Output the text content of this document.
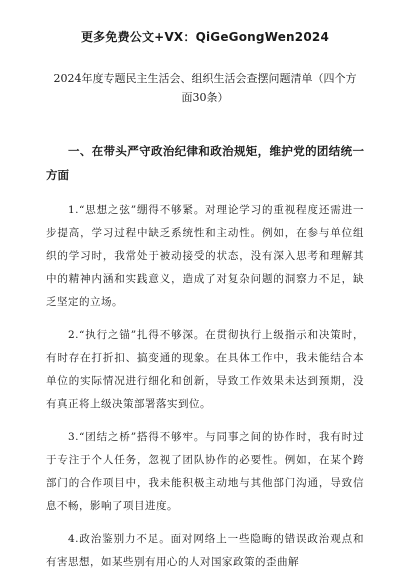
更多免费公文+VX：QiGeGongWen2024
2024年度专题民主生活会、组织生活会查摆问题清单（四个方面30条）
一、在带头严守政治纪律和政治规矩，维护党的团结统一方面

1.“思想之弦”绷得不够紧。对理论学习的重视程度还需进一步提高，学习过程中缺乏系统性和主动性。例如，在参与单位组织的学习时，我常处于被动接受的状态，没有深入思考和理解其中的精神内涵和实践意义，造成了对复杂问题的洞察力不足，缺乏坚定的立场。

2.“执行之锚”扎得不够深。在贯彻执行上级指示和决策时，有时存在打折扣、搞变通的现象。在具体工作中，我未能结合本单位的实际情况进行细化和创新，导致工作效果未达到预期，没有真正将上级决策部署落实到位。

3.“团结之桥”搭得不够牢。与同事之间的协作时，我有时过于专注于个人任务，忽视了团队协作的必要性。例如，在某个跨部门的合作项目中，我未能积极主动地与其他部门沟通，导致信息不畅，影响了项目进度。

4.政治鉴别力不足。面对网络上一些隐晦的错误政治观点和有害思想，如某些别有用心的人对国家政策的歪曲解
